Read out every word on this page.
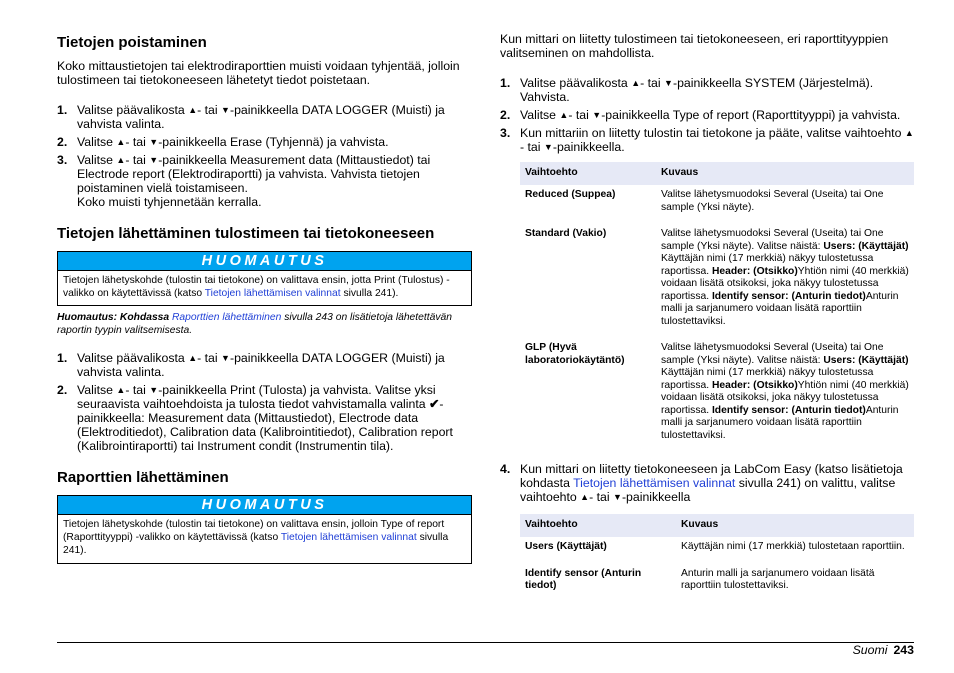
Tietojen poistaminen

Koko mittaustietojen tai elektrodiraporttien muisti voidaan tyhjentää, jolloin tulostimeen tai tietokoneeseen lähetetyt tiedot poistetaan.

1. Valitse päävalikosta ▲- tai ▼-painikkeella DATA LOGGER (Muisti) ja vahvista valinta.
2. Valitse ▲- tai ▼-painikkeella Erase (Tyhjennä) ja vahvista.
3. Valitse ▲- tai ▼-painikkeella Measurement data (Mittaustiedot) tai Electrode report (Elektrodiraportti) ja vahvista. Vahvista tietojen poistaminen vielä toistamiseen.
Koko muisti tyhjennetään kerralla.
Tietojen lähettäminen tulostimeen tai tietokoneeseen
HUOMAUTUS
Tietojen lähetyskohde (tulostin tai tietokone) on valittava ensin, jotta Print (Tulostus) -valikko on käytettävissä (katso Tietojen lähettämisen valinnat sivulla 241).

Huomautus: Kohdassa Raporttien lähettäminen sivulla 243 on lisätietoja lähetettävän raportin tyypin valitsemisesta.

1. Valitse päävalikosta ▲- tai ▼-painikkeella DATA LOGGER (Muisti) ja vahvista valinta.
2. Valitse ▲- tai ▼-painikkeella Print (Tulosta) ja vahvista. Valitse yksi seuraavista vaihtoehdoista ja tulosta tiedot vahvistamalla valinta ✔-painikkeella: Measurement data (Mittaustiedot), Electrode data (Elektroditiedot), Calibration data (Kalibrointitiedot), Calibration report (Kalibrointiraportti) tai Instrument condit (Instrumentin tila).
Raporttien lähettäminen
HUOMAUTUS
Tietojen lähetyskohde (tulostin tai tietokone) on valittava ensin, jolloin Type of report (Raporttityyppi) -valikko on käytettävissä (katso Tietojen lähettämisen valinnat sivulla 241).

Kun mittari on liitetty tulostimeen tai tietokoneeseen, eri raporttityyppien valitseminen on mahdollista.

1. Valitse päävalikosta ▲- tai ▼-painikkeella SYSTEM (Järjestelmä). Vahvista.
2. Valitse ▲- tai ▼-painikkeella Type of report (Raporttityyppi) ja vahvista.
3. Kun mittariin on liitetty tulostin tai tietokone ja pääte, valitse vaihtoehto ▲- tai ▼-painikkeella.
Vaihtoehto	Kuvaus
Reduced (Suppea)	Valitse lähetysmuodoksi Several (Useita) tai One sample (Yksi näyte).
Standard (Vakio)	Valitse lähetysmuodoksi Several (Useita) tai One sample (Yksi näyte). Valitse näistä: Users: (Käyttäjät) Käyttäjän nimi (17 merkkiä) näkyy tulostetussa raportissa. Header: (Otsikko)Yhtiön nimi (40 merkkiä) voidaan lisätä otsikoksi, joka näkyy tulostetussa raportissa. Identify sensor: (Anturin tiedot)Anturin malli ja sarjanumero voidaan lisätä raporttiin tulostettaviksi.
GLP (Hyvä laboratoriokäytäntö)	Valitse lähetysmuodoksi Several (Useita) tai One sample (Yksi näyte). Valitse näistä: Users: (Käyttäjät) Käyttäjän nimi (17 merkkiä) näkyy tulostetussa raportissa. Header: (Otsikko)Yhtiön nimi (40 merkkiä) voidaan lisätä otsikoksi, joka näkyy tulostetussa raportissa. Identify sensor: (Anturin tiedot)Anturin malli ja sarjanumero voidaan lisätä raporttiin tulostettaviksi.
4. Kun mittari on liitetty tietokoneeseen ja LabCom Easy (katso lisätietoja kohdasta Tietojen lähettämisen valinnat sivulla 241) on valittu, valitse vaihtoehto ▲- tai ▼-painikkeella
Vaihtoehto	Kuvaus
Users (Käyttäjät)	Käyttäjän nimi (17 merkkiä) tulostetaan raporttiin.
Identify sensor (Anturin tiedot)	Anturin malli ja sarjanumero voidaan lisätä raporttiin tulostettaviksi.
Suomi 243
